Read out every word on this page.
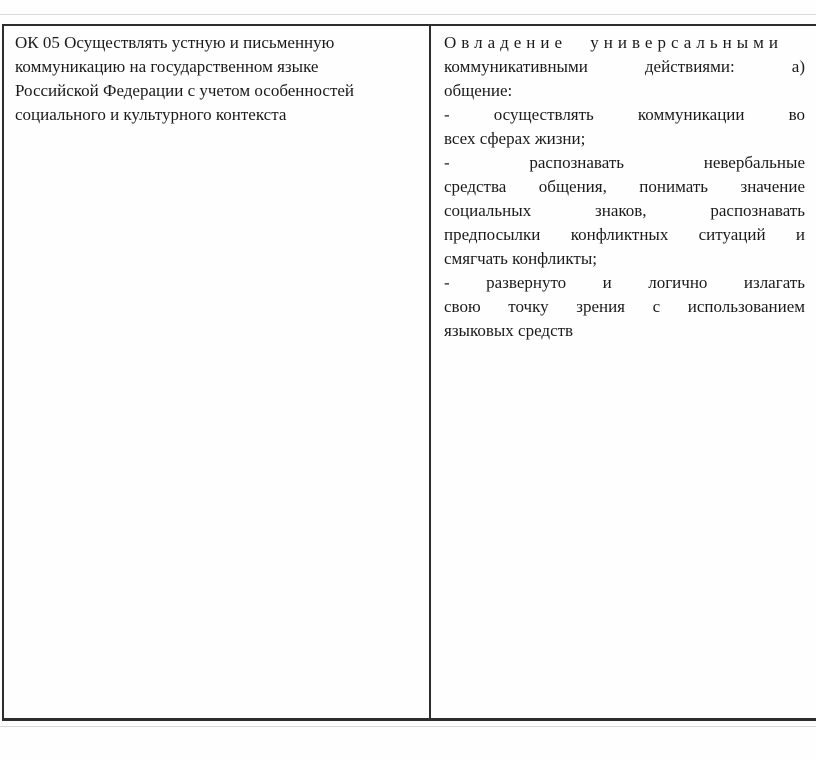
ОК 05 Осуществлять устную и письменную
коммуникацию на государственном языке
Российской Федерации с учетом особенностей
социального и культурного контекста
Овладение универсальными
коммуникативными действиями: а)
общение:
- осуществлять коммуникации во
всех сферах жизни;
- распознавать невербальные
средства общения, понимать значение
социальных знаков, распознавать
предпосылки конфликтных ситуаций и
смягчать конфликты;
- развернуто и логично излагать
свою точку зрения с использованием
языковых средств
